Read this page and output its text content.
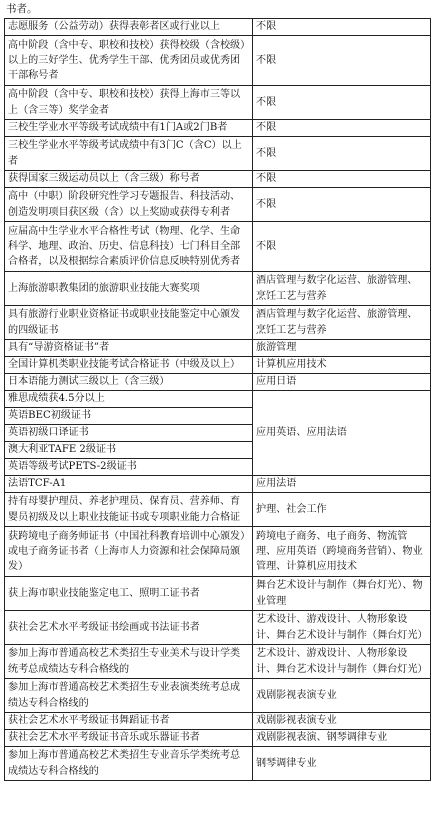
书者。
志愿服务（公益劳动）获得表彰者区或行业以上	不限
高中阶段（含中专、职校和技校）获得校级（含校级）以上的三好学生、优秀学生干部、优秀团员或优秀团干部称号者	不限
高中阶段（含中专、职校和技校）获得上海市三等以上（含三等）奖学金者	不限
三校生学业水平等级考试成绩中有1门A或2门B者	不限
三校生学业水平等级考试成绩中有3门C（含C）以上者	不限
获得国家三级运动员以上（含三级）称号者	不限
高中（中职）阶段研究性学习专题报告、科技活动、创造发明项目获区级（含）以上奖励或获得专利者	不限
应届高中生学业水平合格性考试（物理、化学、生命科学、地理、政治、历史、信息科技）七门科目全部合格者，以及根据综合素质评价信息反映特别优秀者	不限
上海旅游职教集团的旅游职业技能大赛奖项	酒店管理与数字化运营、旅游管理、烹饪工艺与营养
具有旅游行业职业资格证书或职业技能鉴定中心颁发的四级证书	酒店管理与数字化运营、旅游管理、烹饪工艺与营养
具有“导游资格证书”者	旅游管理
全国计算机类职业技能考试合格证书（中级及以上）	计算机应用技术
日本语能力测试三级以上（含三级）	应用日语
雅思成绩获4.5分以上	应用英语、应用法语
英语BEC初级证书	
英语初级口译证书	
澳大利亚TAFE 2级证书	
英语等级考试PETS-2级证书	
法语TCF-A1	应用法语
持有母婴护理员、养老护理员、保育员、营养师、育婴员初级及以上职业技能证书或专项职业能力合格证	护理、社会工作
获跨境电子商务师证书（中国社科教育培训中心颁发）或电子商务证书者（上海市人力资源和社会保障局颁发）	跨境电子商务、电子商务、物流管理、应用英语（跨境商务营销）、物业管理、计算机应用技术
获上海市职业技能鉴定电工、照明工证书者	舞台艺术设计与制作（舞台灯光）、物业管理
获社会艺术水平考级证书绘画或书法证书者	艺术设计、游戏设计、人物形象设计、舞台艺术设计与制作（舞台灯光）
参加上海市普通高校艺术类招生专业美术与设计学类统考总成绩达专科合格线的	艺术设计、游戏设计、人物形象设计、舞台艺术设计与制作（舞台灯光）
参加上海市普通高校艺术类招生专业表演类统考总成绩达专科合格线的	戏剧影视表演专业
获社会艺术水平考级证书舞蹈证书者	戏剧影视表演专业
获社会艺术水平考级证书音乐或乐器证书者	戏剧影视表演、钢琴调律专业
参加上海市普通高校艺术类招生专业音乐学类统考总成绩达专科合格线的	钢琴调律专业
